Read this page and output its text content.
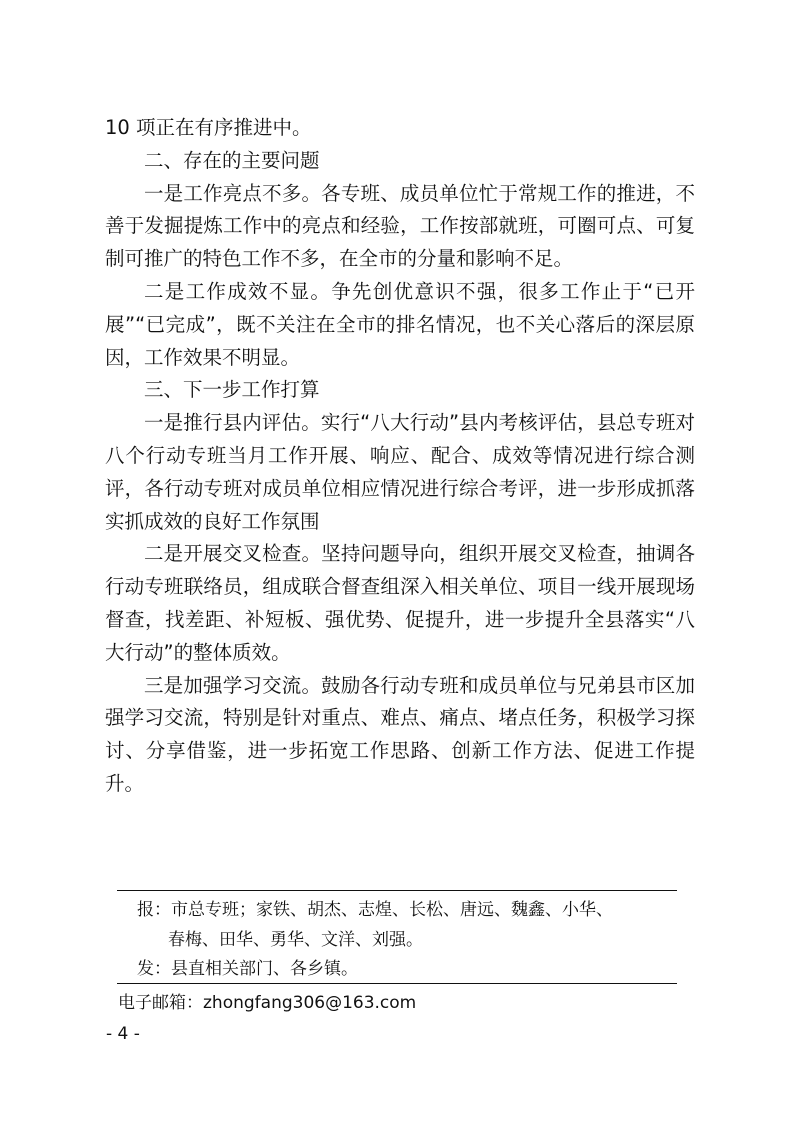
10 项正在有序推进中。

二、存在的主要问题

一是工作亮点不多。各专班、成员单位忙于常规工作的推进，不善于发掘提炼工作中的亮点和经验，工作按部就班，可圈可点、可复制可推广的特色工作不多，在全市的分量和影响不足。

二是工作成效不显。争先创优意识不强，很多工作止于“已开展”“已完成”，既不关注在全市的排名情况，也不关心落后的深层原因，工作效果不明显。

三、下一步工作打算

一是推行县内评估。实行“八大行动”县内考核评估，县总专班对八个行动专班当月工作开展、响应、配合、成效等情况进行综合测评，各行动专班对成员单位相应情况进行综合考评，进一步形成抓落实抓成效的良好工作氛围

二是开展交叉检查。坚持问题导向，组织开展交叉检查，抽调各行动专班联络员，组成联合督查组深入相关单位、项目一线开展现场督查，找差距、补短板、强优势、促提升，进一步提升全县落实“八大行动”的整体质效。

三是加强学习交流。鼓励各行动专班和成员单位与兄弟县市区加强学习交流，特别是针对重点、难点、痛点、堵点任务，积极学习探讨、分享借鉴，进一步拓宽工作思路、创新工作方法、促进工作提升。

报：市总专班；家铁、胡杰、志煌、长松、唐远、魏鑫、小华、
春梅、田华、勇华、文洋、刘强。
发：县直相关部门、各乡镇。
电子邮箱：zhongfang306@163.com
- 4 -
